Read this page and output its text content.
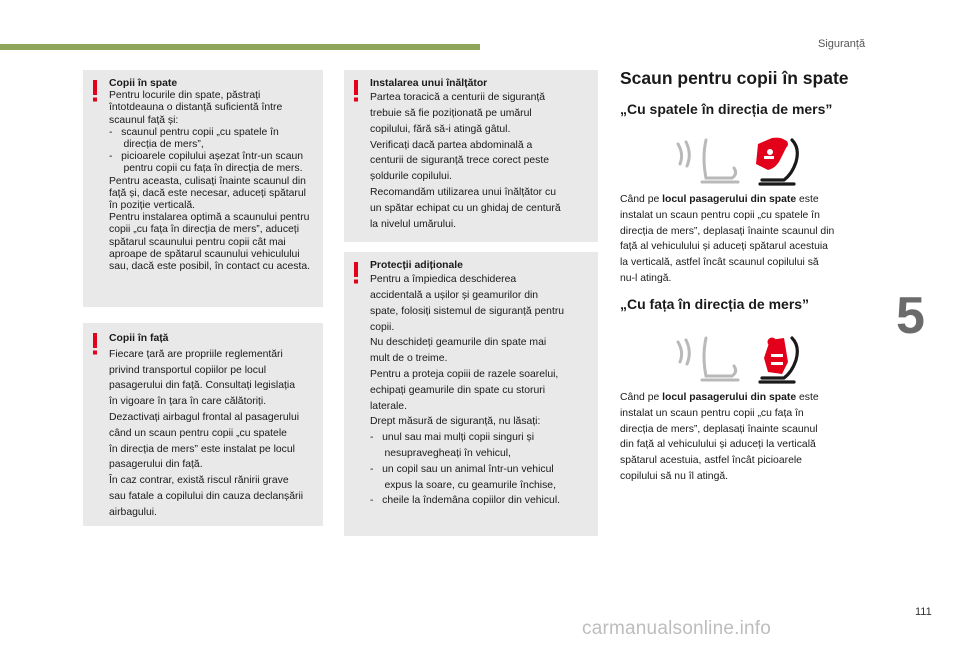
Siguranță
5
Copii în spate
Pentru locurile din spate, păstrați
întotdeauna o distanță suficientă între
scaunul față și:
-   scaunul pentru copii „cu spatele în
direcția de mers”,
-   picioarele copilului așezat într-un scaun
pentru copii cu fața în direcția de mers.
Pentru aceasta, culisați înainte scaunul din
față și, dacă este necesar, aduceți spătarul
în poziție verticală.
Pentru instalarea optimă a scaunului pentru
copii „cu fața în direcția de mers”, aduceți
spătarul scaunului pentru copii cât mai
aproape de spătarul scaunului vehiculului
sau, dacă este posibil, în contact cu acesta.
Copii în față
Fiecare țară are propriile reglementări
privind transportul copiilor pe locul
pasagerului din față. Consultați legislația
în vigoare în țara în care călătoriți.
Dezactivați airbagul frontal al pasagerului
când un scaun pentru copii „cu spatele
în direcția de mers” este instalat pe locul
pasagerului din față.
În caz contrar, există riscul rănirii grave
sau fatale a copilului din cauza declanșării
airbagului.
Instalarea unui înălțător
Partea toracică a centurii de siguranță
trebuie să fie poziționată pe umărul
copilului, fără să-i atingă gâtul.
Verificați dacă partea abdominală a
centurii de siguranță trece corect peste
șoldurile copilului.
Recomandăm utilizarea unui înălțător cu
un spătar echipat cu un ghidaj de centură
la nivelul umărului.
Protecții adiționale
Pentru a împiedica deschiderea
accidentală a ușilor și geamurilor din
spate, folosiți sistemul de siguranță pentru
copii.
Nu deschideți geamurile din spate mai
mult de o treime.
Pentru a proteja copiii de razele soarelui,
echipați geamurile din spate cu storuri
laterale.
Drept măsură de siguranță, nu lăsați:
-   unul sau mai mulți copii singuri și
nesupravegheați în vehicul,
-   un copil sau un animal într-un vehicul
expus la soare, cu geamurile închise,
-   cheile la îndemâna copiilor din vehicul.
Scaun pentru copii în spate
„Cu spatele în direcția de mers”
Când pe locul pasagerului din spate este
instalat un scaun pentru copii „cu spatele în
direcția de mers”, deplasați înainte scaunul din
față al vehiculului și aduceți spătarul acestuia
la verticală, astfel încât scaunul copilului să
nu-l atingă.
„Cu fața în direcția de mers”
Când pe locul pasagerului din spate este
instalat un scaun pentru copii „cu fața în
direcția de mers”, deplasați înainte scaunul
din față al vehiculului și aduceți la verticală
spătarul acestuia, astfel încât picioarele
copilului să nu îl atingă.
111
carmanualsonline.info
